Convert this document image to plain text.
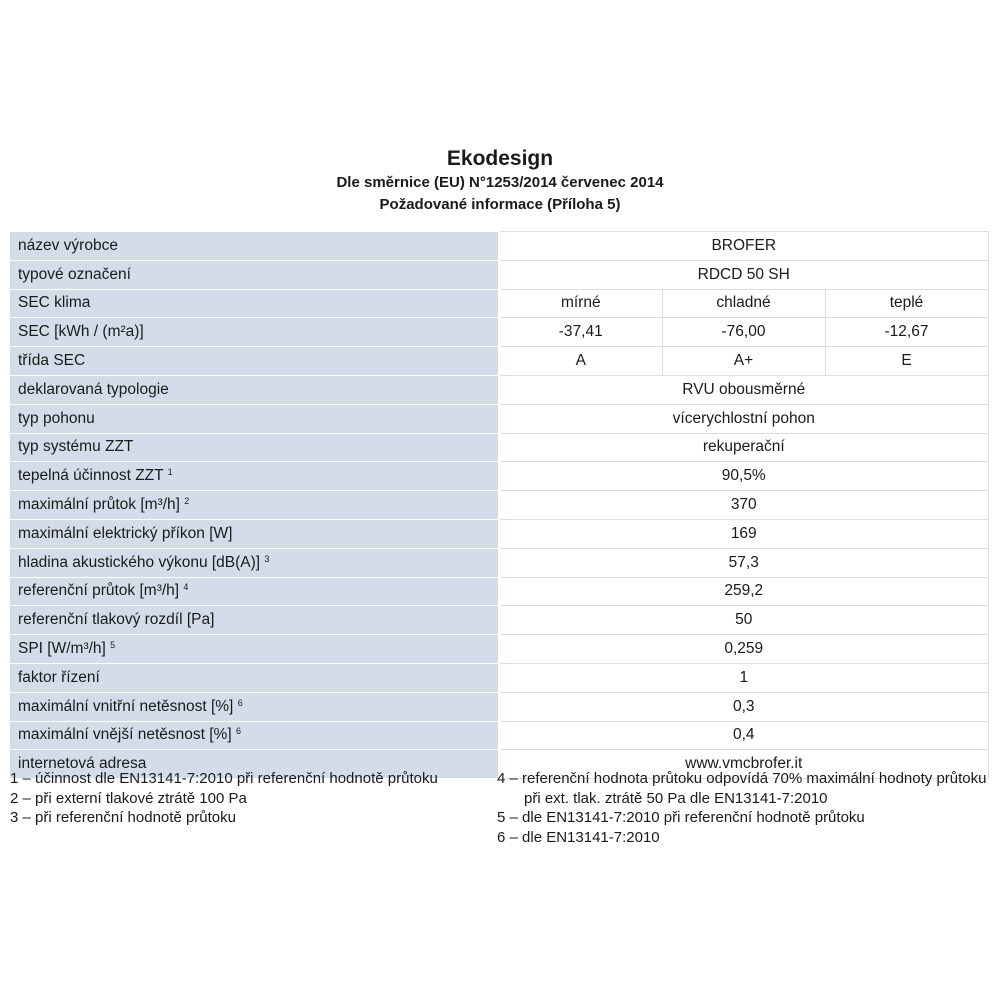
Ekodesign

Dle směrnice (EU) N°1253/2014 červenec 2014

Požadované informace (Příloha 5)

název výrobce	BROFER		
typové označení	RDCD 50 SH		
SEC klima	mírné	chladné	teplé
SEC [kWh / (m²a)]	-37,41	-76,00	-12,67
třída SEC	A	A+	E
deklarovaná typologie	RVU obousměrné		
typ pohonu	vícerychlostní pohon		
typ systému ZZT	rekuperační		
tepelná účinnost ZZT $^1$	90,5%		
maximální průtok [m³/h] $^2$	370		
maximální elektrický příkon [W]	169		
hladina akustického výkonu [dB(A)] $^3$	57,3		
referenční průtok [m³/h] $^4$	259,2		
referenční tlakový rozdíl [Pa]	50		
SPI [W/m³/h] $^5$	0,259		
faktor řízení	1		
maximální vnitřní netěsnost [%] $^6$	0,3		
maximální vnější netěsnost [%] $^6$	0,4		
internetová adresa	www.vmcbrofer.it		

1 – účinnost dle EN13141-7:2010 při referenční hodnotě průtoku

2 – při externí tlakové ztrátě 100 Pa

3 – při referenční hodnotě průtoku

4 – referenční hodnota průtoku odpovídá 70% maximální hodnoty průtoku při ext. tlak. ztrátě 50 Pa dle EN13141-7:2010

5 – dle EN13141-7:2010 při referenční hodnotě průtoku

6 – dle EN13141-7:2010
